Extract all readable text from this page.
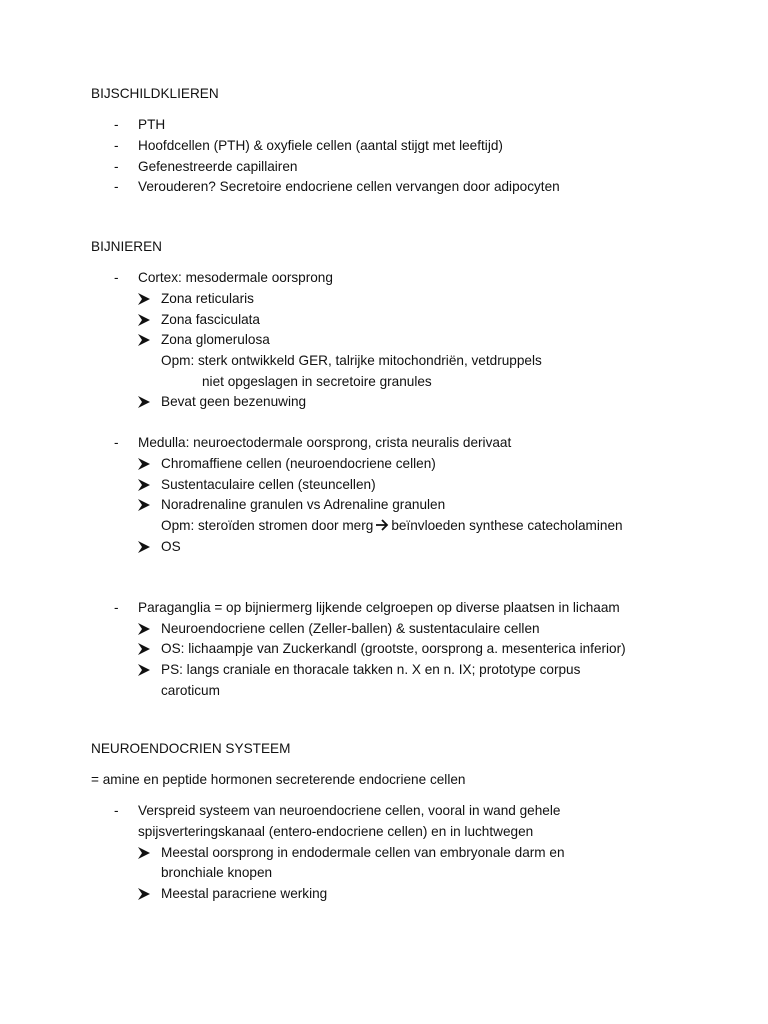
BIJSCHILDKLIEREN
- PTH
- Hoofdcellen (PTH) & oxyfiele cellen (aantal stijgt met leeftijd)
- Gefenestreerde capillairen
- Verouderen? Secretoire endocriene cellen vervangen door adipocyten
BIJNIEREN
- Cortex: mesodermale oorsprong
Zona reticularis
Zona fasciculata
Zona glomerulosa
Opm: sterk ontwikkeld GER, talrijke mitochondriën, vetdruppels
niet opgeslagen in secretoire granules
Bevat geen bezenuwing
- Medulla: neuroectodermale oorsprong, crista neuralis derivaat
Chromaffiene cellen (neuroendocriene cellen)
Sustentaculaire cellen (steuncellen)
Noradrenaline granulen vs Adrenaline granulen
Opm: steroïden stromen door merg beïnvloeden synthese catecholaminen
OS
- Paraganglia = op bijniermerg lijkende celgroepen op diverse plaatsen in lichaam
Neuroendocriene cellen (Zeller-ballen) & sustentaculaire cellen
OS: lichaampje van Zuckerkandl (grootste, oorsprong a. mesenterica inferior)
PS: langs craniale en thoracale takken n. X en n. IX; prototype corpus
caroticum
NEUROENDOCRIEN SYSTEEM
= amine en peptide hormonen secreterende endocriene cellen
- Verspreid systeem van neuroendocriene cellen, vooral in wand gehele
spijsverteringskanaal (entero-endocriene cellen) en in luchtwegen
Meestal oorsprong in endodermale cellen van embryonale darm en
bronchiale knopen
Meestal paracriene werking
